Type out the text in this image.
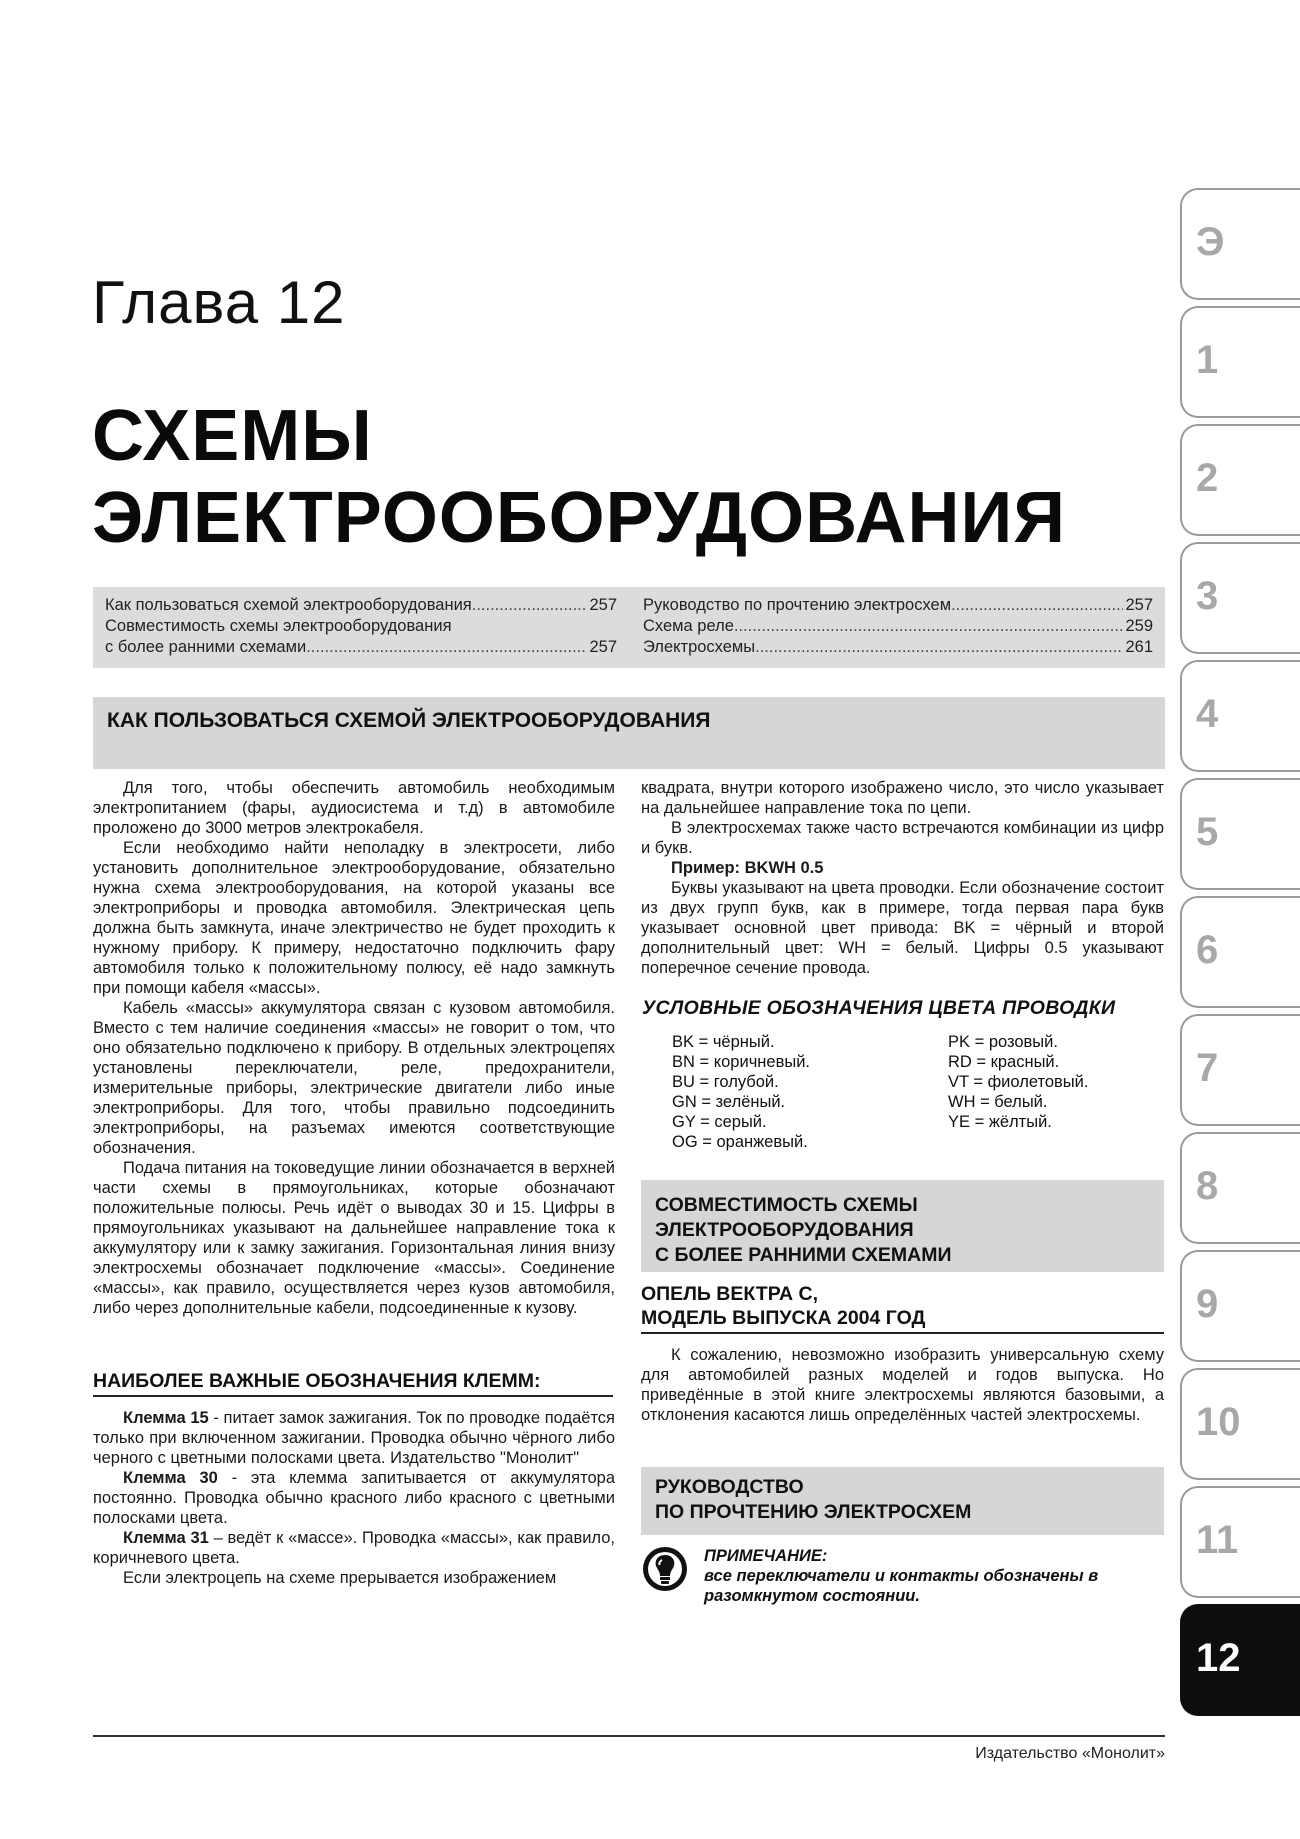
Глава 12
СХЕМЫ
ЭЛЕКТРООБОРУДОВАНИЯ
Как пользоваться схемой электрооборудования .....	257
Совместимость схемы электрооборудования
с более ранними схемами .....	257
Руководство по прочтению электросхем .....	257
Схема реле .....	259
Электросхемы .....	261
КАК ПОЛЬЗОВАТЬСЯ СХЕМОЙ ЭЛЕКТРООБОРУДОВАНИЯ

Для того, чтобы обеспечить автомобиль необходимым электропитанием (фары, аудиосистема и т.д) в автомобиле проложено до 3000 метров электрокабеля.

Если необходимо найти неполадку в электросети, либо установить дополнительное электрооборудование, обязательно нужна схема электрооборудования, на которой указаны все электроприборы и проводка автомобиля. Электрическая цепь должна быть замкнута, иначе электричество не будет проходить к нужному прибору. К примеру, недостаточно подключить фару автомобиля только к положительному полюсу, её надо замкнуть при помощи кабеля «массы».

Кабель «массы» аккумулятора связан с кузовом автомобиля. Вместо с тем наличие соединения «массы» не говорит о том, что оно обязательно подключено к прибору. В отдельных электроцепях установлены переключатели, реле, предохранители, измерительные приборы, электрические двигатели либо иные электроприборы. Для того, чтобы правильно подсоединить электроприборы, на разъемах имеются соответствующие обозначения.

Подача питания на токоведущие линии обозначается в верхней части схемы в прямоугольниках, которые обозначают положительные полюсы. Речь идёт о выводах 30 и 15. Цифры в прямоугольниках указывают на дальнейшее направление тока к аккумулятору или к замку зажигания. Горизонтальная линия внизу электросхемы обозначает подключение «массы». Соединение «массы», как правило, осуществляется через кузов автомобиля, либо через дополнительные кабели, подсоединенные к кузову.

НАИБОЛЕЕ ВАЖНЫЕ ОБОЗНАЧЕНИЯ КЛЕММ:

Клемма 15 - питает замок зажигания. Ток по проводке подаётся только при включенном зажигании. Проводка обычно чёрного либо черного с цветными полосками цвета. Издательство "Монолит"

Клемма 30 - эта клемма запитывается от аккумулятора постоянно. Проводка обычно красного либо красного с цветными полосками цвета.

Клемма 31 – ведёт к «массе». Проводка «массы», как правило, коричневого цвета.

Если электроцепь на схеме прерывается изображением

квадрата, внутри которого изображено число, это число указывает на дальнейшее направление тока по цепи.

В электросхемах также часто встречаются комбинации из цифр и букв.

Пример: BKWH 0.5

Буквы указывают на цвета проводки. Если обозначение состоит из двух групп букв, как в примере, тогда первая пара букв указывает основной цвет привода: BK = чёрный и второй дополнительный цвет: WH = белый. Цифры 0.5 указывают поперечное сечение провода.

УСЛОВНЫЕ ОБОЗНАЧЕНИЯ ЦВЕТА ПРОВОДКИ
BK = чёрный.
BN = коричневый.
BU = голубой.
GN = зелёный.
GY = серый.
OG = оранжевый.
PK = розовый.
RD = красный.
VT = фиолетовый.
WH = белый.
YE = жёлтый.
СОВМЕСТИМОСТЬ СХЕМЫ
ЭЛЕКТРООБОРУДОВАНИЯ
С БОЛЕЕ РАННИМИ СХЕМАМИ
ОПЕЛЬ ВЕКТРА С,
МОДЕЛЬ ВЫПУСКА 2004 ГОД

К сожалению, невозможно изобразить универсальную схему для автомобилей разных моделей и годов выпуска. Но приведённые в этой книге электросхемы являются базовыми, а отклонения касаются лишь определённых частей электросхемы.

РУКОВОДСТВО
ПО ПРОЧТЕНИЮ ЭЛЕКТРОСХЕМ
ПРИМЕЧАНИЕ:
все переключатели и контакты обозначены в разомкнутом состоянии.
Издательство «Монолит»
Э
1
2
3
4
5
6
7
8
9
10
11
12
